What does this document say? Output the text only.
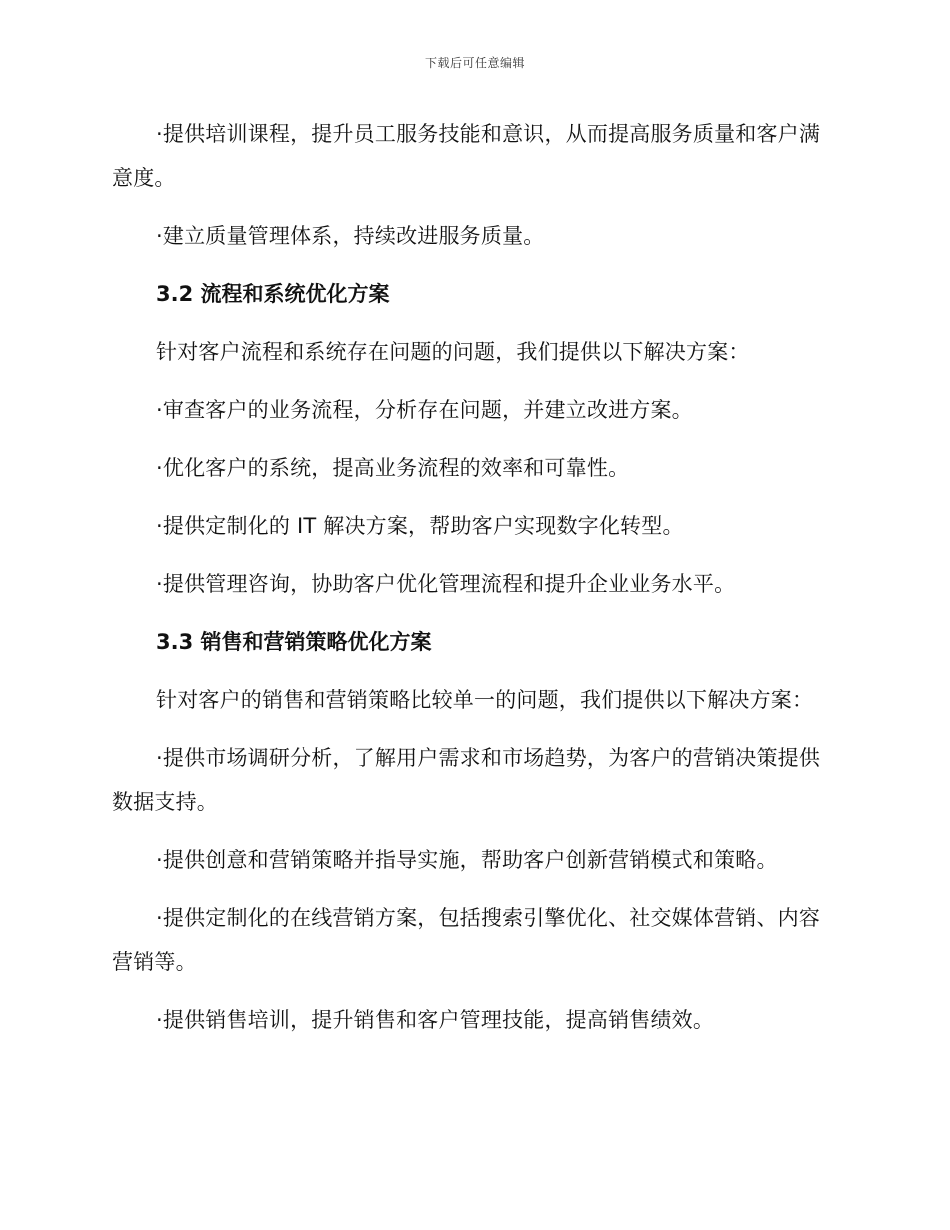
下载后可任意编辑

·提供培训课程，提升员工服务技能和意识，从而提高服务质量和客户满意度。

·建立质量管理体系，持续改进服务质量。

3.2 流程和系统优化方案

针对客户流程和系统存在问题的问题，我们提供以下解决方案：

·审查客户的业务流程，分析存在问题，并建立改进方案。

·优化客户的系统，提高业务流程的效率和可靠性。

·提供定制化的 IT 解决方案，帮助客户实现数字化转型。

·提供管理咨询，协助客户优化管理流程和提升企业业务水平。

3.3 销售和营销策略优化方案

针对客户的销售和营销策略比较单一的问题，我们提供以下解决方案：

·提供市场调研分析，了解用户需求和市场趋势，为客户的营销决策提供数据支持。

·提供创意和营销策略并指导实施，帮助客户创新营销模式和策略。

·提供定制化的在线营销方案，包括搜索引擎优化、社交媒体营销、内容营销等。

·提供销售培训，提升销售和客户管理技能，提高销售绩效。
